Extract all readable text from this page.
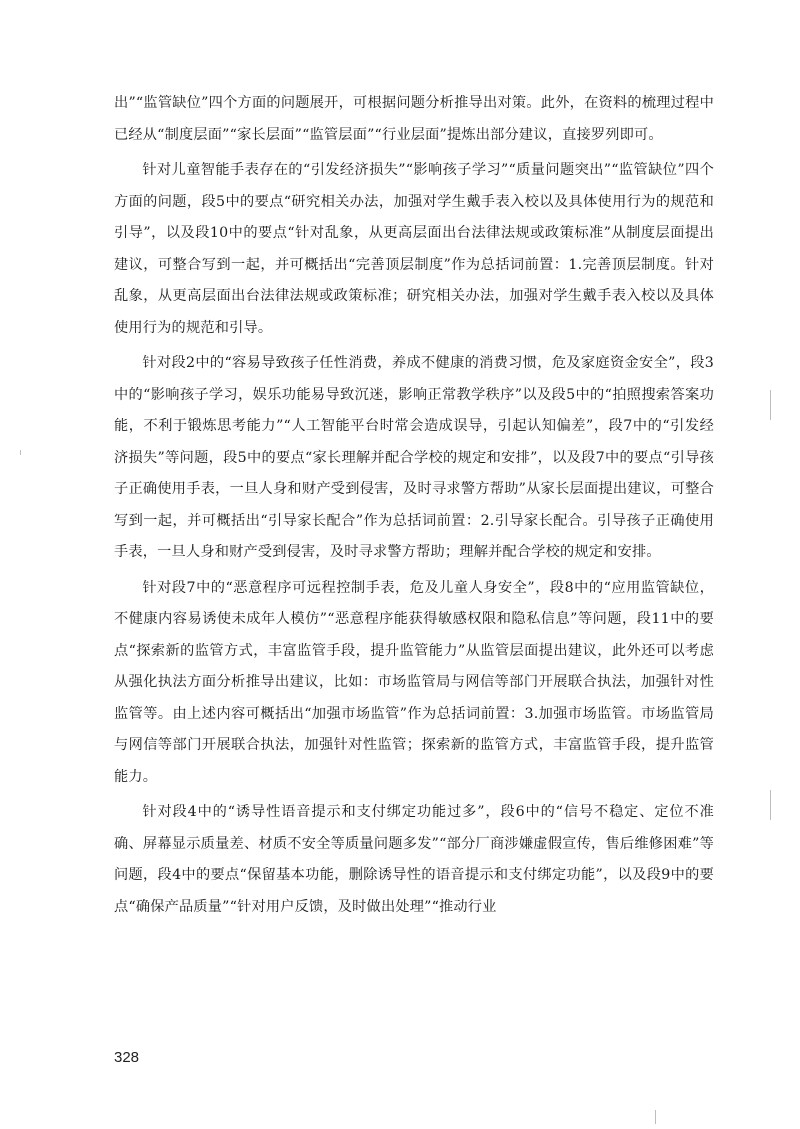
出”“监管缺位”四个方面的问题展开，可根据问题分析推导出对策。此外，在资料的梳理过程中已经从“制度层面”“家长层面”“监管层面”“行业层面”提炼出部分建议，直接罗列即可。

针对儿童智能手表存在的“引发经济损失”“影响孩子学习”“质量问题突出”“监管缺位”四个方面的问题，段5中的要点“研究相关办法，加强对学生戴手表入校以及具体使用行为的规范和引导”，以及段10中的要点“针对乱象，从更高层面出台法律法规或政策标准”从制度层面提出建议，可整合写到一起，并可概括出“完善顶层制度”作为总括词前置：1.完善顶层制度。针对乱象，从更高层面出台法律法规或政策标准；研究相关办法，加强对学生戴手表入校以及具体使用行为的规范和引导。

针对段2中的“容易导致孩子任性消费，养成不健康的消费习惯，危及家庭资金安全”，段3中的“影响孩子学习，娱乐功能易导致沉迷，影响正常教学秩序”以及段5中的“拍照搜索答案功能，不利于锻炼思考能力”“人工智能平台时常会造成误导，引起认知偏差”，段7中的“引发经济损失”等问题，段5中的要点“家长理解并配合学校的规定和安排”，以及段7中的要点“引导孩子正确使用手表，一旦人身和财产受到侵害，及时寻求警方帮助”从家长层面提出建议，可整合写到一起，并可概括出“引导家长配合”作为总括词前置：2.引导家长配合。引导孩子正确使用手表，一旦人身和财产受到侵害，及时寻求警方帮助；理解并配合学校的规定和安排。

针对段7中的“恶意程序可远程控制手表，危及儿童人身安全”，段8中的“应用监管缺位，不健康内容易诱使未成年人模仿”“恶意程序能获得敏感权限和隐私信息”等问题，段11中的要点“探索新的监管方式，丰富监管手段，提升监管能力”从监管层面提出建议，此外还可以考虑从强化执法方面分析推导出建议，比如：市场监管局与网信等部门开展联合执法，加强针对性监管等。由上述内容可概括出“加强市场监管”作为总括词前置：3.加强市场监管。市场监管局与网信等部门开展联合执法，加强针对性监管；探索新的监管方式，丰富监管手段，提升监管能力。

针对段4中的“诱导性语音提示和支付绑定功能过多”，段6中的“信号不稳定、定位不准确、屏幕显示质量差、材质不安全等质量问题多发”“部分厂商涉嫌虚假宣传，售后维修困难”等问题，段4中的要点“保留基本功能，删除诱导性的语音提示和支付绑定功能”，以及段9中的要点“确保产品质量”“针对用户反馈，及时做出处理”“推动行业

328
